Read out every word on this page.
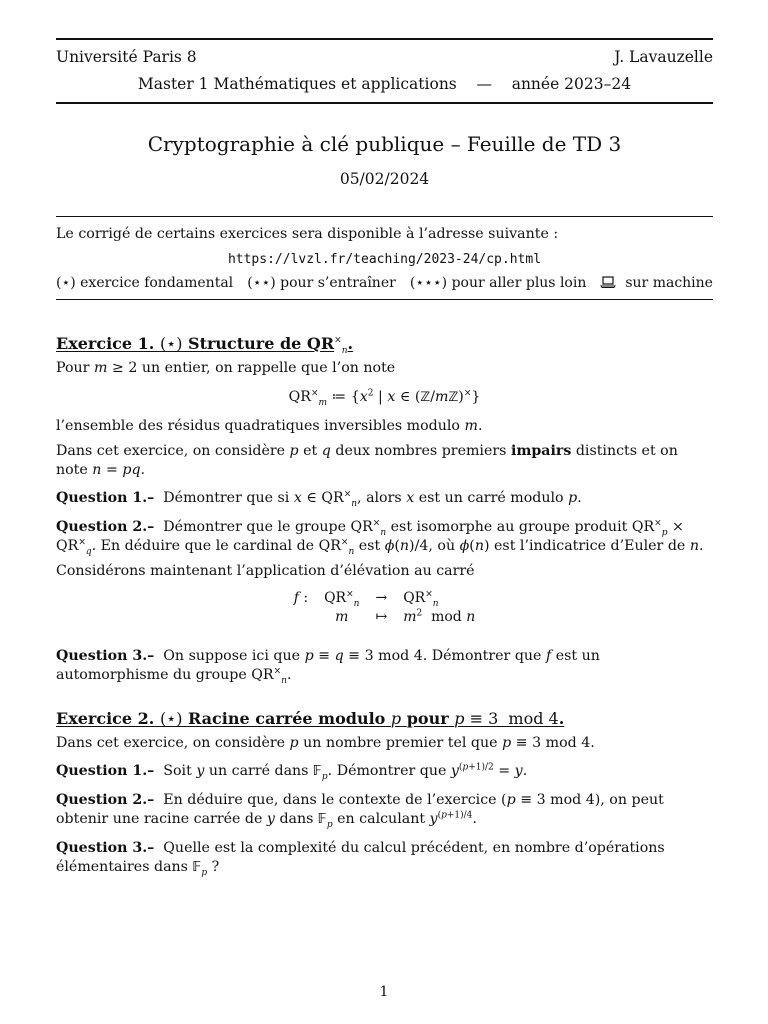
Université Paris 8	J. Lavauzelle
Master 1 Mathématiques et applications — année 2023–24
Cryptographie à clé publique – Feuille de TD 3
05/02/2024
Le corrigé de certains exercices sera disponible à l’adresse suivante :
https://lvzl.fr/teaching/2023-24/cp.html
(⋆) exercice fondamental (⋆⋆) pour s’entraîner (⋆⋆⋆) pour aller plus loin	sur machine
Exercice 1. (⋆) Structure de $QR^\times_n$.
Pour m ≥ 2 un entier, on rappelle que l’on note
$QR^\times_m$ ≔ {$x^2$ | x ∈ (ℤ/mℤ)×}
l’ensemble des résidus quadratiques inversibles modulo m.
Dans cet exercice, on considère p et q deux nombres premiers impairs distincts et on note n = pq.
Question 1.– Démontrer que si x ∈ $QR^\times_n$, alors x est un carré modulo p.
Question 2.– Démontrer que le groupe $QR^\times_n$ est isomorphe au groupe produit $QR^\times_p \times QR^\times_q$. En déduire que le cardinal de $QR^\times_n$ est ϕ(n)/4, où ϕ(n) est l’indicatrice d’Euler de n.
Considérons maintenant l’application d’élévation au carré
f :	$QR^\times_n$	→	$QR^\times_n$
	m	↦	$m^2$  mod n
Question 3.– On suppose ici que p ≡ q ≡ 3 mod 4. Démontrer que f est un automorphisme du groupe $QR^\times_n$.
Exercice 2. (⋆) Racine carrée modulo p pour p ≡ 3  mod 4.
Dans cet exercice, on considère p un nombre premier tel que p ≡ 3 mod 4.
Question 1.– Soit y un carré dans 𝔽$_p$. Démontrer que $y^{(p+1)/2} = y$.
Question 2.– En déduire que, dans le contexte de l’exercice (p ≡ 3 mod 4), on peut obtenir une racine carrée de y dans 𝔽$_p$ en calculant $y^{(p+1)/4}$.
Question 3.– Quelle est la complexité du calcul précédent, en nombre d’opérations élémentaires dans 𝔽$_p$ ?
1
